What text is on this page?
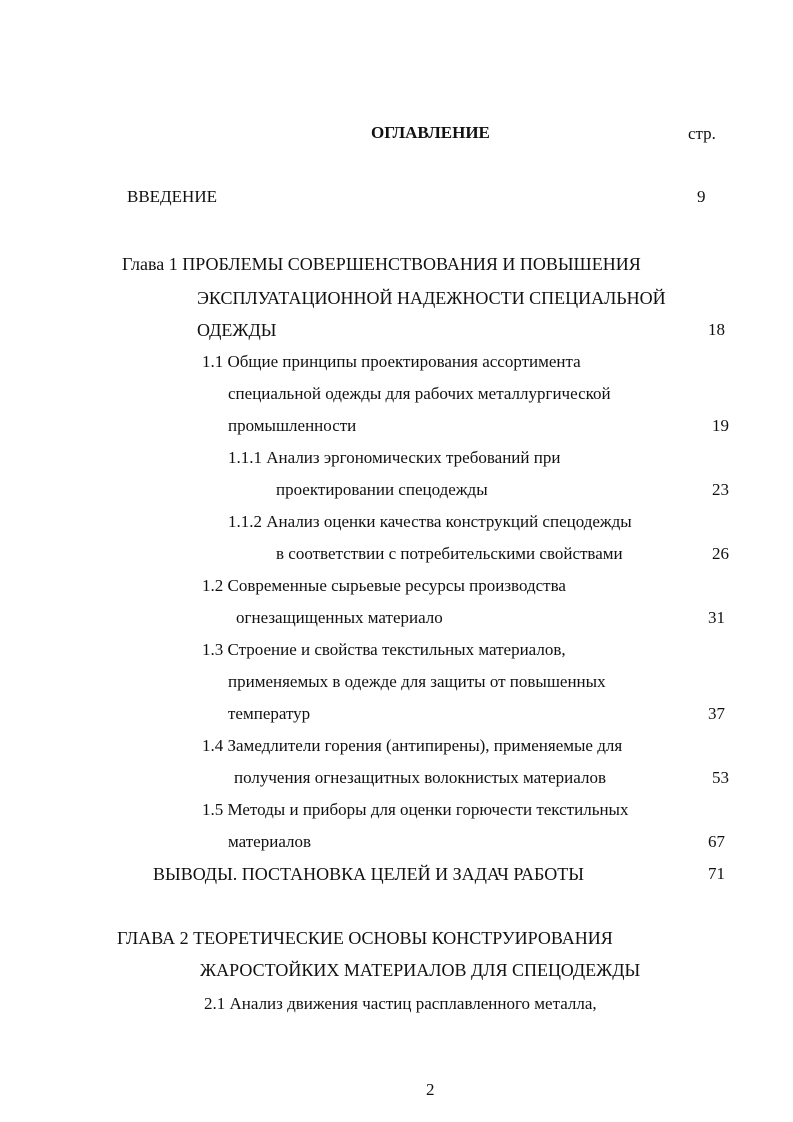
ОГЛАВЛЕНИЕ	стр.
ВВЕДЕНИЕ	9
Глава 1 ПРОБЛЕМЫ СОВЕРШЕНСТВОВАНИЯ И ПОВЫШЕНИЯ
ЭКСПЛУАТАЦИОННОЙ НАДЕЖНОСТИ СПЕЦИАЛЬНОЙ
ОДЕЖДЫ	18
1.1 Общие принципы проектирования ассортимента
специальной одежды для рабочих металлургической
промышленности	19
1.1.1 Анализ эргономических требований при
проектировании спецодежды	23
1.1.2 Анализ оценки качества конструкций спецодежды
в соответствии с потребительскими свойствами	26
1.2 Современные сырьевые ресурсы производства
огнезащищенных материало	31
1.3 Строение и свойства текстильных материалов,
применяемых в одежде для защиты от повышенных
температур	37
1.4 Замедлители горения (антипирены), применяемые для
получения огнезащитных волокнистых материалов	53
1.5 Методы и приборы для оценки горючести текстильных
материалов	67
ВЫВОДЫ. ПОСТАНОВКА ЦЕЛЕЙ И ЗАДАЧ РАБОТЫ	71
ГЛАВА 2 ТЕОРЕТИЧЕСКИЕ ОСНОВЫ КОНСТРУИРОВАНИЯ
ЖАРОСТОЙКИХ МАТЕРИАЛОВ ДЛЯ СПЕЦОДЕЖДЫ
2.1 Анализ движения частиц расплавленного металла,
2
